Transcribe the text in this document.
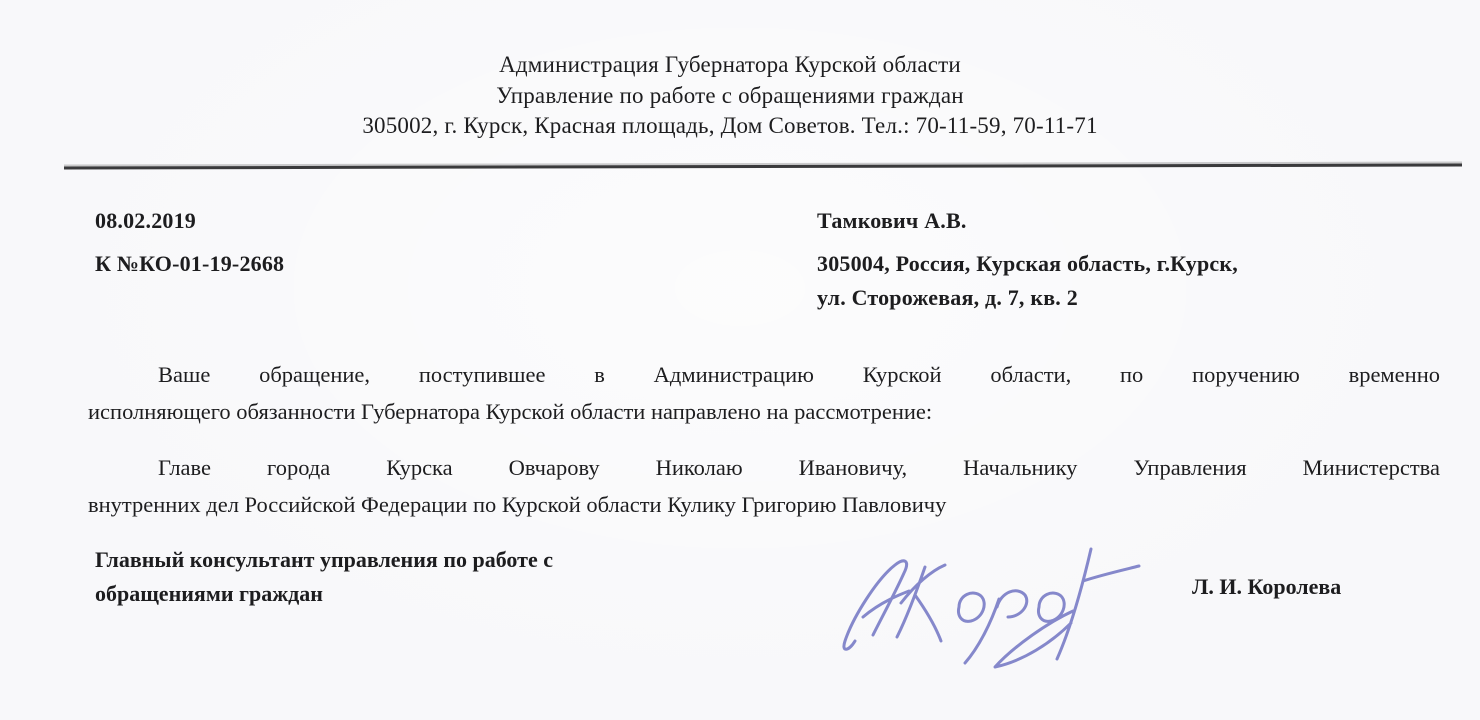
Администрация Губернатора Курской области
Управление по работе с обращениями граждан
305002, г. Курск, Красная площадь, Дом Советов. Тел.: 70-11-59, 70-11-71
08.02.2019
К №КО-01-19-2668
Тамкович А.В.
305004, Россия, Курская область, г.Курск,
ул. Сторожевая, д. 7, кв. 2
Ваше обращение, поступившее в Администрацию Курской области, по поручению временно
исполняющего обязанности Губернатора Курской области направлено на рассмотрение:
Главе города Курска Овчарову Николаю Ивановичу, Начальнику Управления Министерства
внутренних дел Российской Федерации по Курской области Кулику Григорию Павловичу
Главный консультант управления по работе с
обращениями граждан	Л. И. Королева
